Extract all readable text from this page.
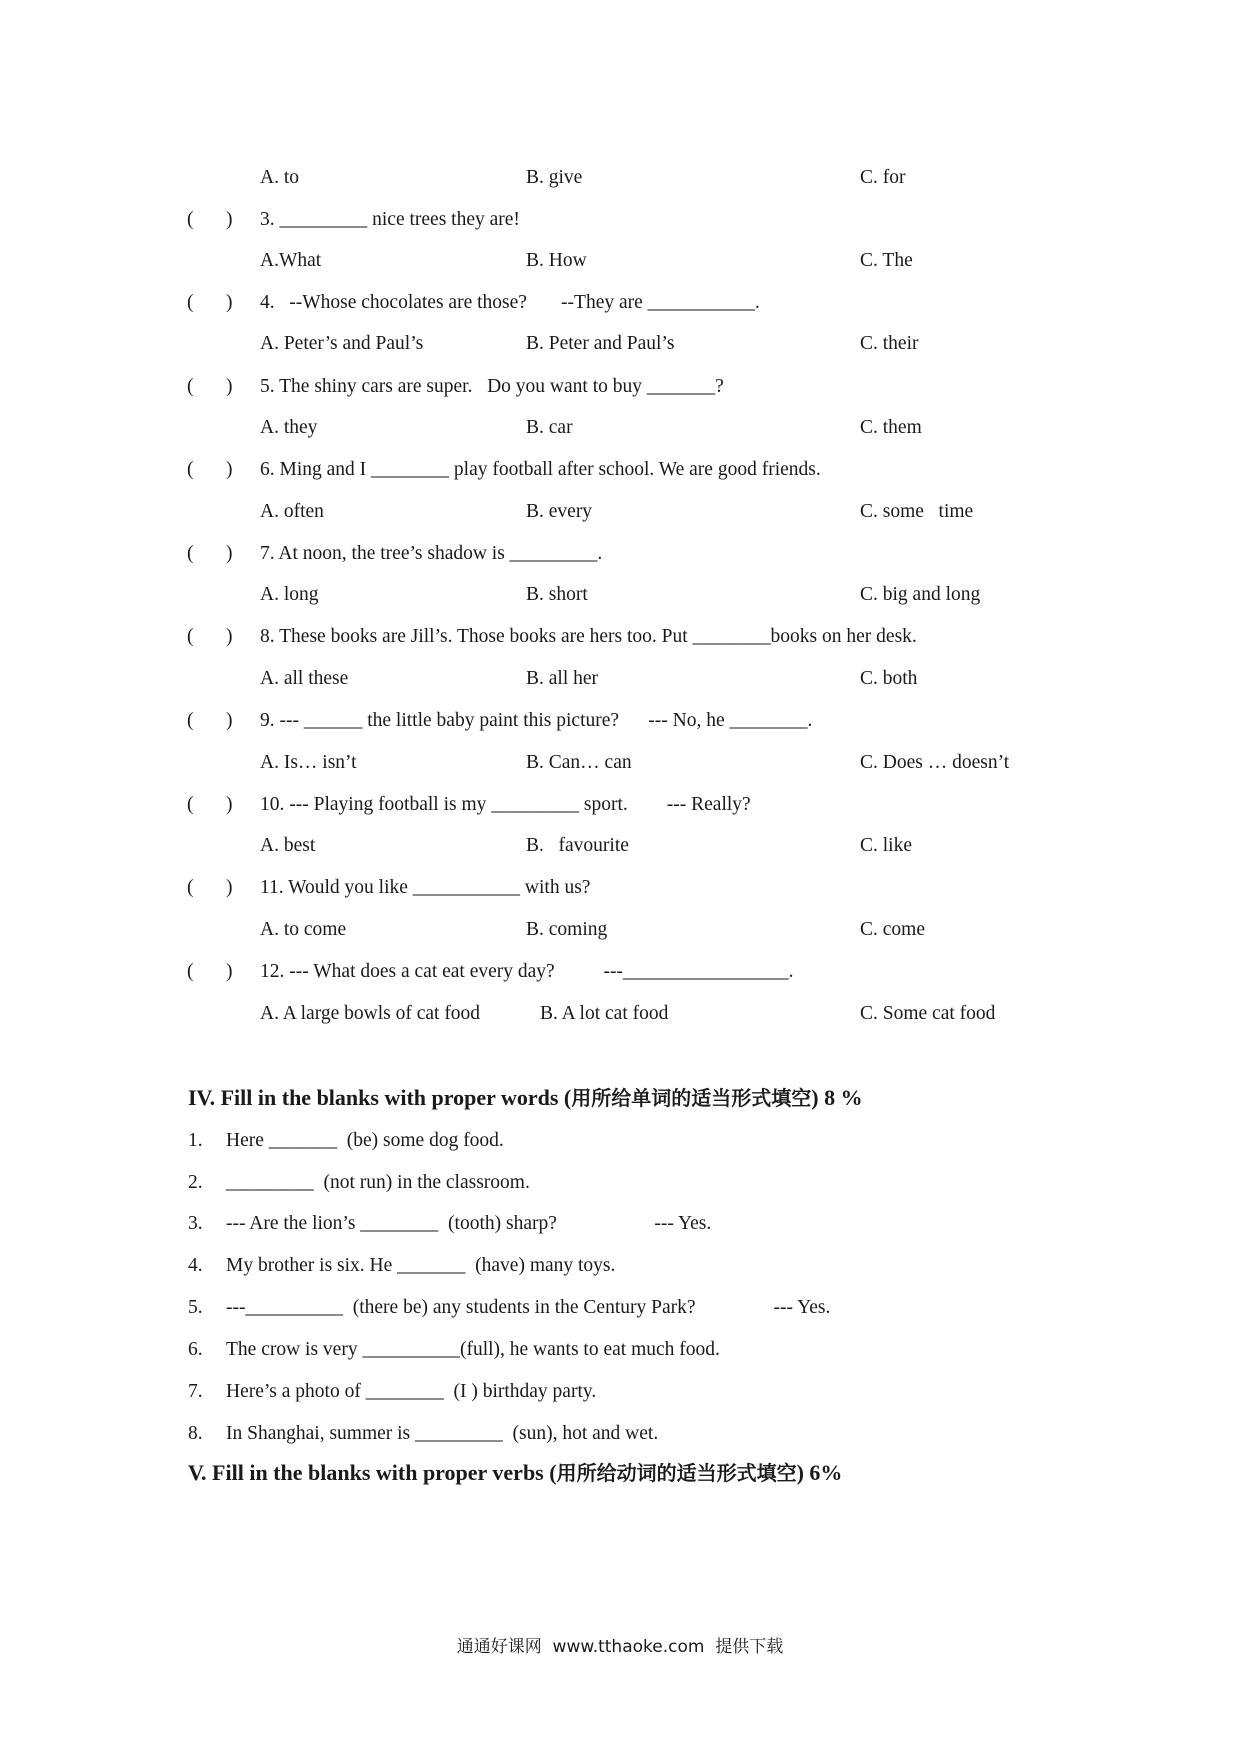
A. to	B. give	C. for
( ) 3. _________ nice trees they are!
A.What	B. How	C. The
( ) 4.   --Whose chocolates are those?       --They are ___________.
A. Peter’s and Paul’s	B. Peter and Paul’s	C. their
( ) 5. The shiny cars are super.   Do you want to buy _______?
A. they	B. car	C. them
( ) 6. Ming and I ________ play football after school. We are good friends.
A. often	B. every	C. some   time
( ) 7. At noon, the tree’s shadow is _________.
A. long	B. short	C. big and long
( ) 8. These books are Jill’s. Those books are hers too. Put ________books on her desk.
A. all these	B. all her	C. both
( ) 9. --- ______ the little baby paint this picture?      --- No, he ________.
A. Is… isn’t	B. Can… can	C. Does … doesn’t
( ) 10. --- Playing football is my _________ sport.        --- Really?
A. best	B.   favourite	C. like
( ) 11. Would you like ___________ with us?
A. to come	B. coming	C. come
( ) 12. --- What does a cat eat every day?          ---_________________.
A. A large bowls of cat food	B. A lot cat food	C. Some cat food
IV. Fill in the blanks with proper words (用所给单词的适当形式填空) 8 %
1. Here _______  (be) some dog food.
2. _________  (not run) in the classroom.
3. --- Are the lion’s ________  (tooth) sharp?                    --- Yes.
4. My brother is six. He _______  (have) many toys.
5. ---__________  (there be) any students in the Century Park?                --- Yes.
6. The crow is very __________(full), he wants to eat much food.
7. Here’s a photo of ________  (I ) birthday party.
8. In Shanghai, summer is _________  (sun), hot and wet.
V. Fill in the blanks with proper verbs (用所给动词的适当形式填空) 6%
通通好课网  www.tthaoke.com  提供下载
